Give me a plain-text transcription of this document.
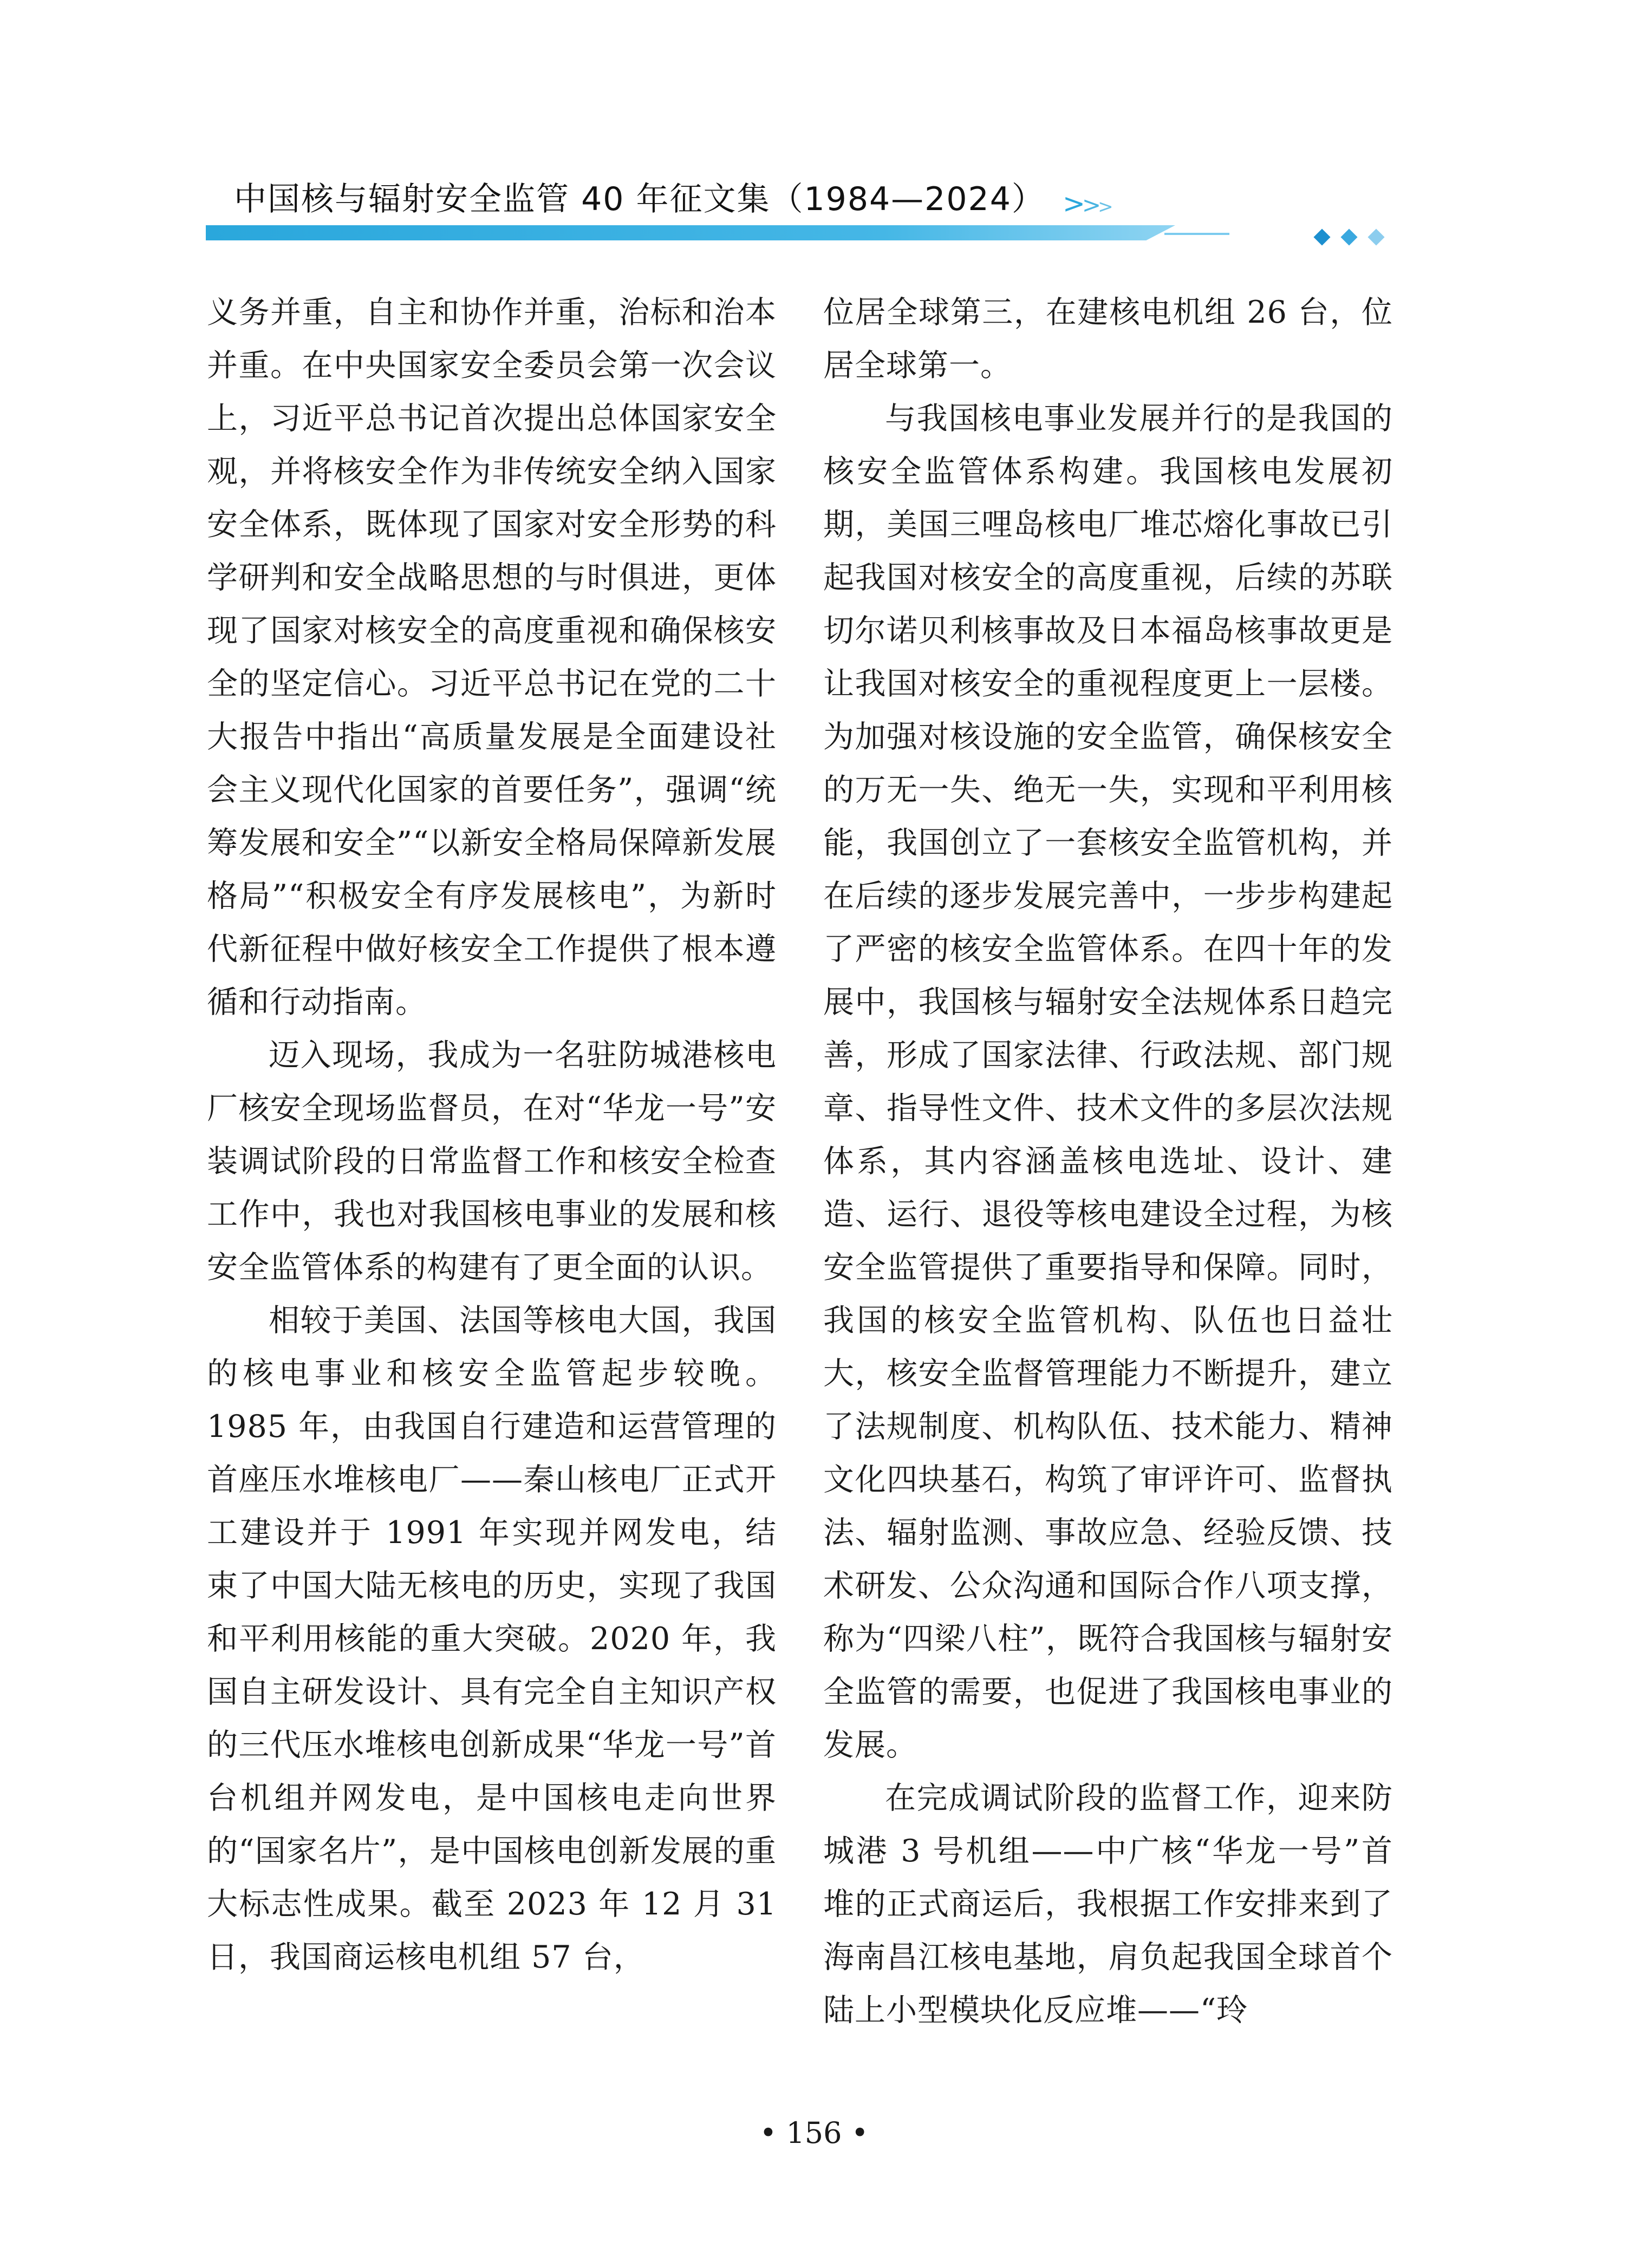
中国核与辐射安全监管 40 年征文集（1984—2024） >>>

义务并重，自主和协作并重，治标和治本并重。在中央国家安全委员会第一次会议上，习近平总书记首次提出总体国家安全观，并将核安全作为非传统安全纳入国家安全体系，既体现了国家对安全形势的科学研判和安全战略思想的与时俱进，更体现了国家对核安全的高度重视和确保核安全的坚定信心。习近平总书记在党的二十大报告中指出“高质量发展是全面建设社会主义现代化国家的首要任务”，强调“统筹发展和安全”“以新安全格局保障新发展格局”“积极安全有序发展核电”，为新时代新征程中做好核安全工作提供了根本遵循和行动指南。

迈入现场，我成为一名驻防城港核电厂核安全现场监督员，在对“华龙一号”安装调试阶段的日常监督工作和核安全检查工作中，我也对我国核电事业的发展和核安全监管体系的构建有了更全面的认识。

相较于美国、法国等核电大国，我国的核电事业和核安全监管起步较晚。1985 年，由我国自行建造和运营管理的首座压水堆核电厂——秦山核电厂正式开工建设并于 1991 年实现并网发电，结束了中国大陆无核电的历史，实现了我国和平利用核能的重大突破。2020 年，我国自主研发设计、具有完全自主知识产权的三代压水堆核电创新成果“华龙一号”首台机组并网发电，是中国核电走向世界的“国家名片”，是中国核电创新发展的重大标志性成果。截至 2023 年 12 月 31 日，我国商运核电机组 57 台，

位居全球第三，在建核电机组 26 台，位居全球第一。

与我国核电事业发展并行的是我国的核安全监管体系构建。我国核电发展初期，美国三哩岛核电厂堆芯熔化事故已引起我国对核安全的高度重视，后续的苏联切尔诺贝利核事故及日本福岛核事故更是让我国对核安全的重视程度更上一层楼。为加强对核设施的安全监管，确保核安全的万无一失、绝无一失，实现和平利用核能，我国创立了一套核安全监管机构，并在后续的逐步发展完善中，一步步构建起了严密的核安全监管体系。在四十年的发展中，我国核与辐射安全法规体系日趋完善，形成了国家法律、行政法规、部门规章、指导性文件、技术文件的多层次法规体系，其内容涵盖核电选址、设计、建造、运行、退役等核电建设全过程，为核安全监管提供了重要指导和保障。同时，我国的核安全监管机构、队伍也日益壮大，核安全监督管理能力不断提升，建立了法规制度、机构队伍、技术能力、精神文化四块基石，构筑了审评许可、监督执法、辐射监测、事故应急、经验反馈、技术研发、公众沟通和国际合作八项支撑，称为“四梁八柱”，既符合我国核与辐射安全监管的需要，也促进了我国核电事业的发展。

在完成调试阶段的监督工作，迎来防城港 3 号机组——中广核“华龙一号”首堆的正式商运后，我根据工作安排来到了海南昌江核电基地，肩负起我国全球首个陆上小型模块化反应堆——“玲

• 156 •
